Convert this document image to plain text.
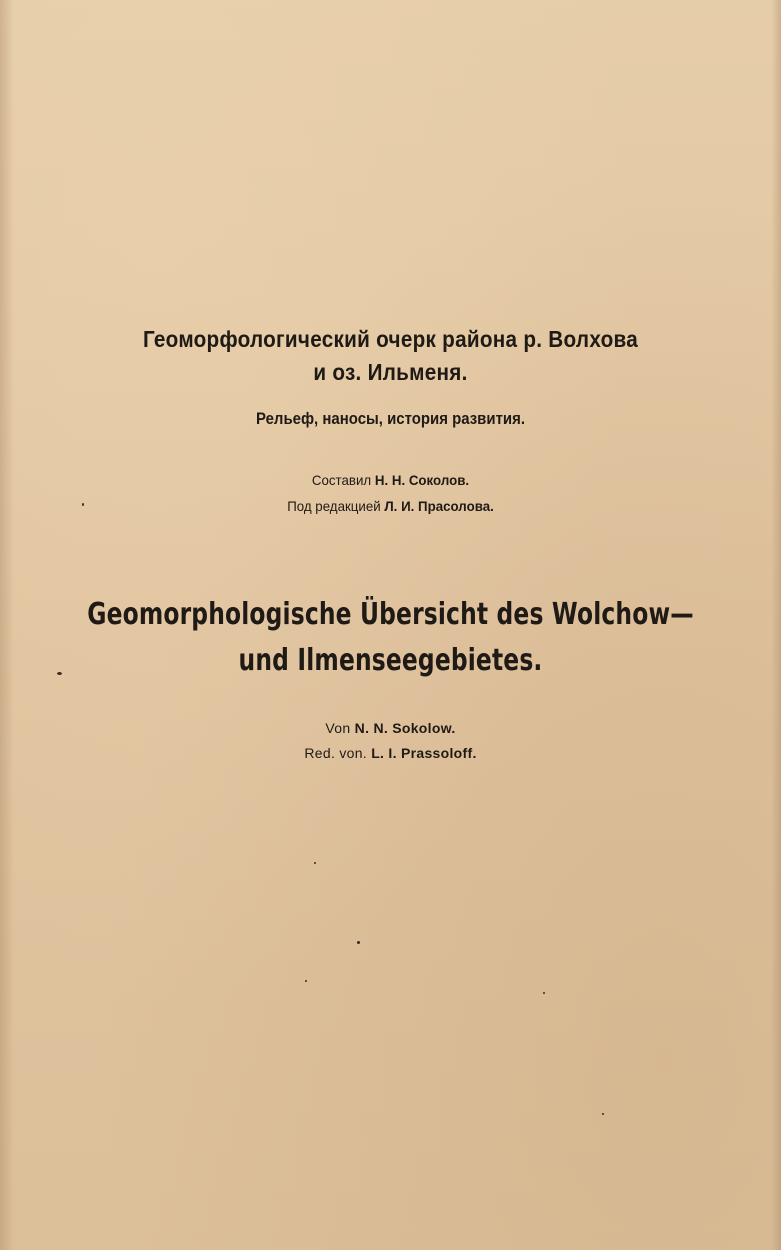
Геоморфологический очерк района р. Волхова
и оз. Ильменя.
Рельеф, наносы, история развития.
Составил Н. Н. Соколов.
Под редакцией Л. И. Прасолова.
Geomorphologische Übersicht des Wolchow—
und Ilmenseegebietes.
Von N. N. Sokolow.
Red. von. L. I. Prassoloff.
